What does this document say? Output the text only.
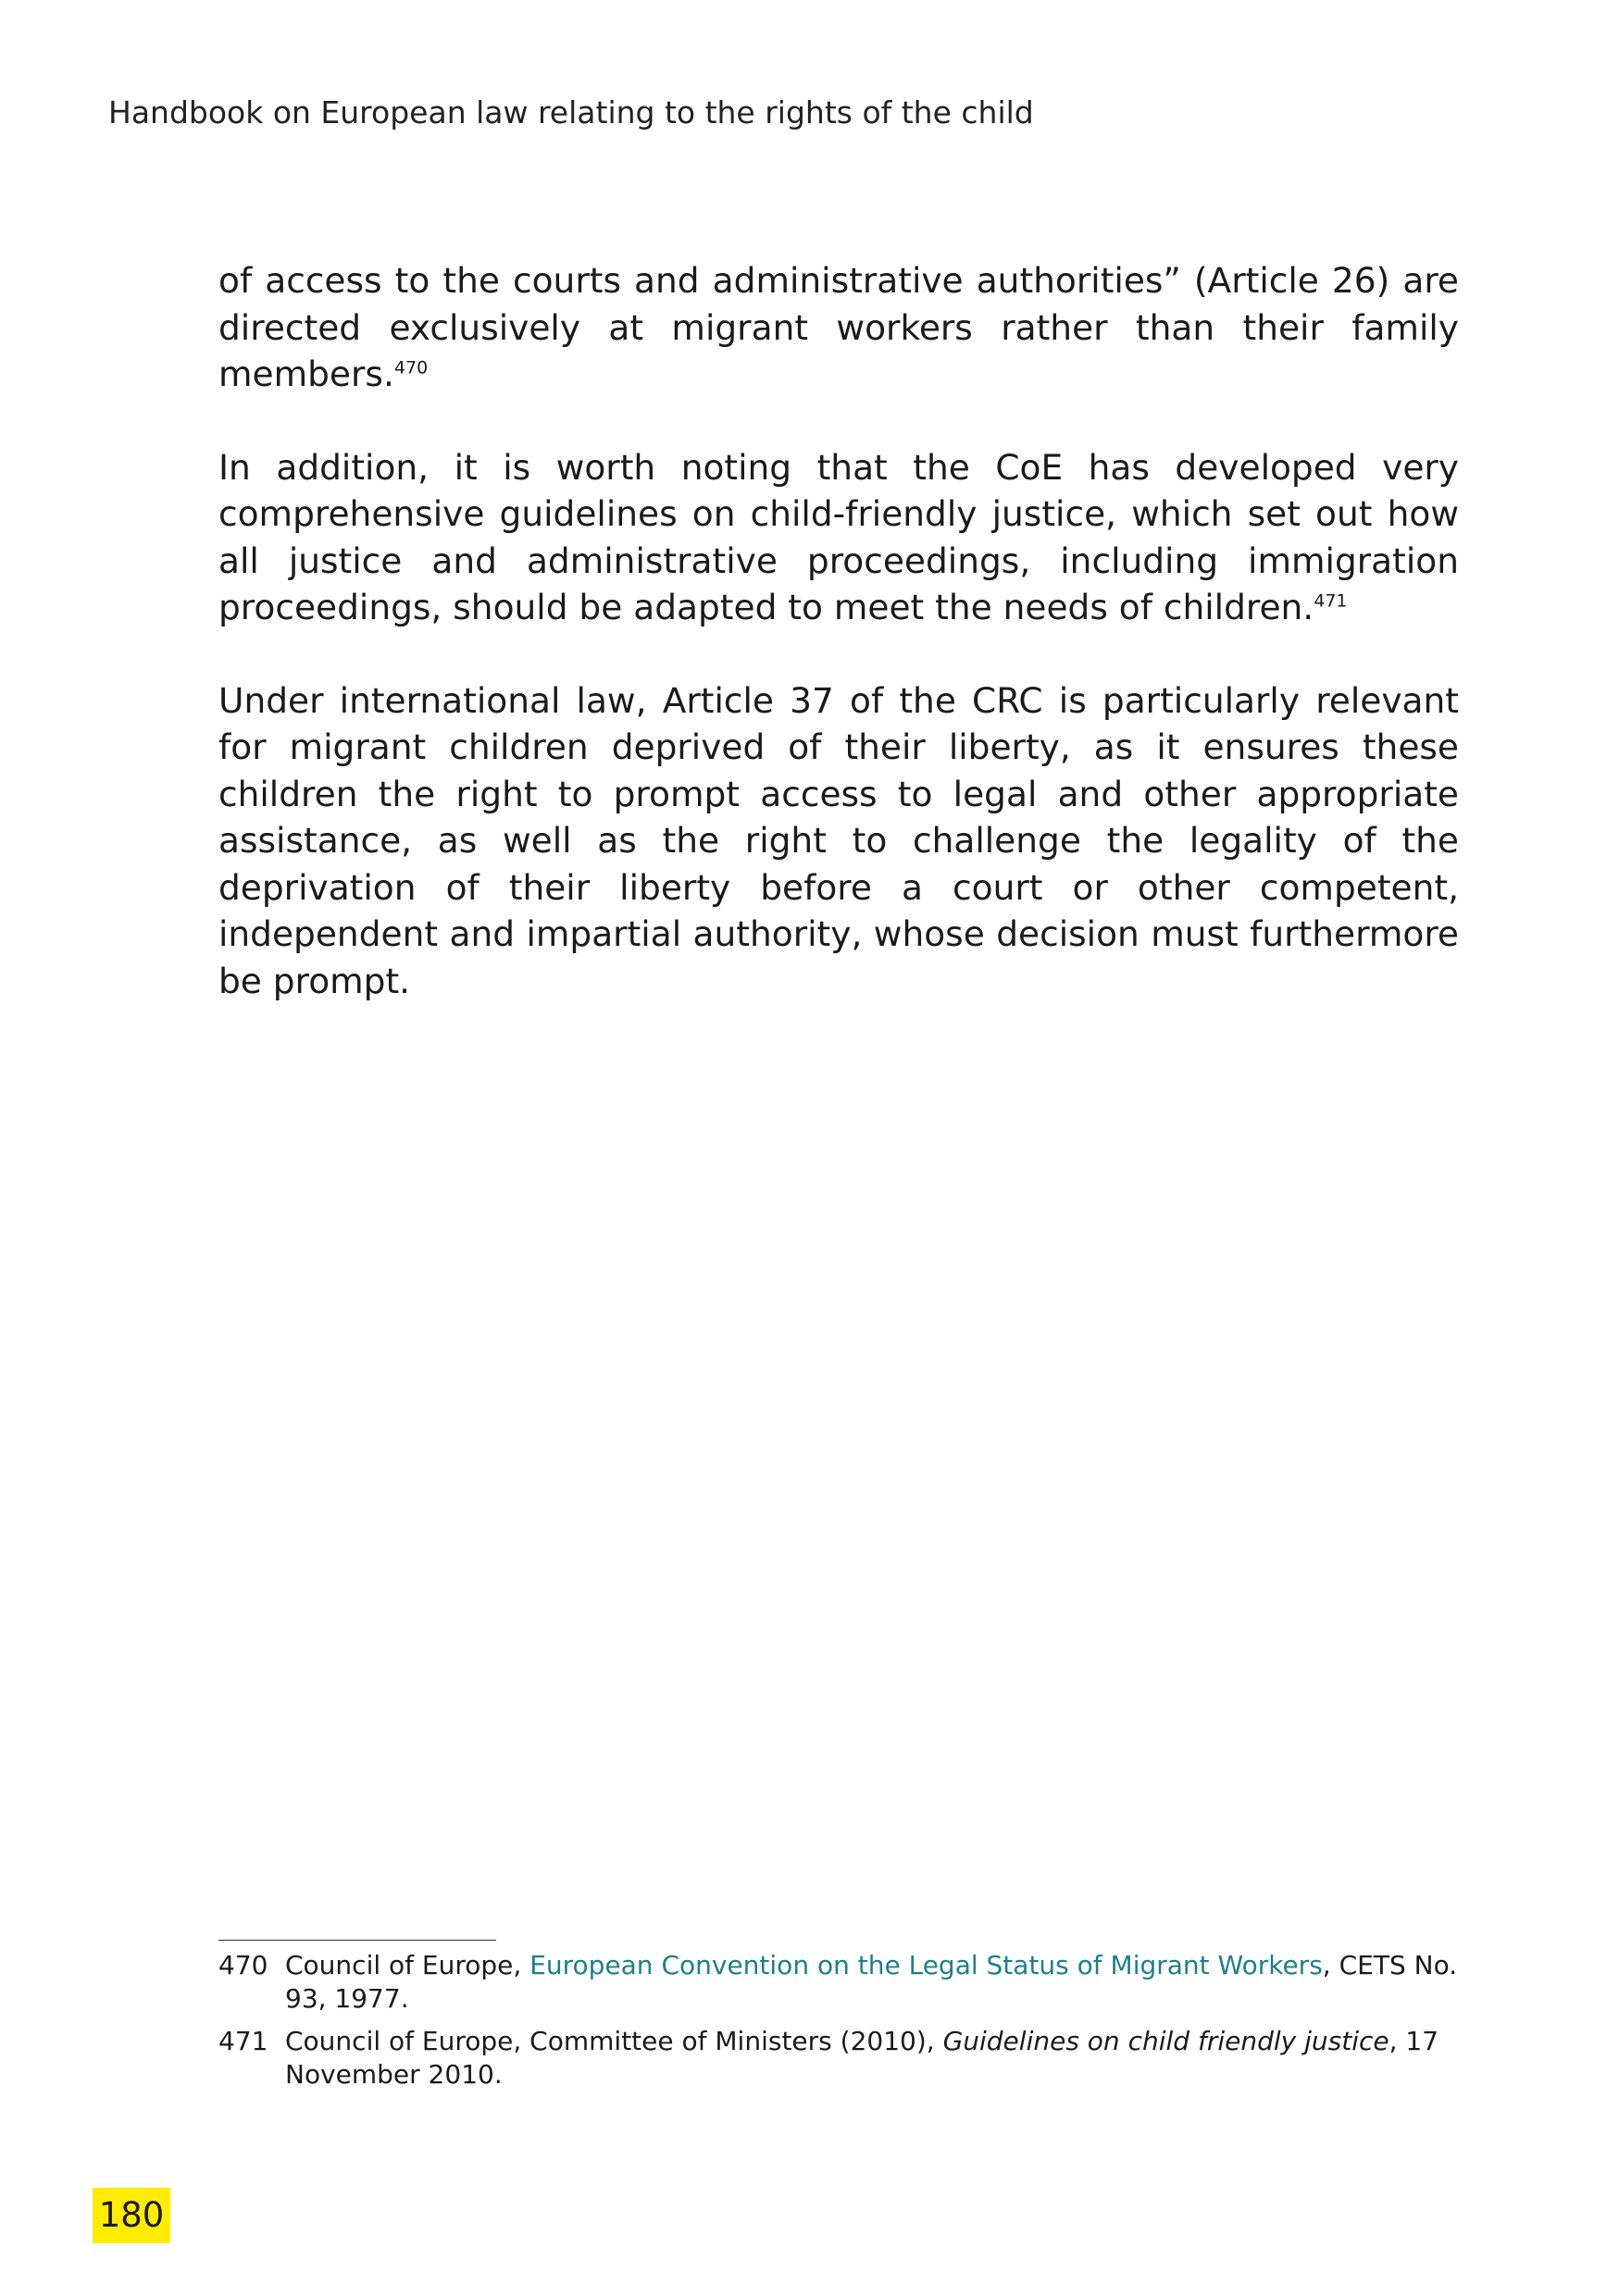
Handbook on European law relating to the rights of the child

of access to the courts and administrative authorities” (Article 26) are directed exclusively at migrant workers rather than their family members.$^{470}$

In addition, it is worth noting that the CoE has developed very comprehensive guidelines on child-friendly justice, which set out how all justice and administrative proceedings, including immigration proceedings, should be adapted to meet the needs of children.$^{471}$

Under international law, Article 37 of the CRC is particularly relevant for migrant children deprived of their liberty, as it ensures these children the right to prompt access to legal and other appropriate assistance, as well as the right to challenge the legality of the deprivation of their liberty before a court or other competent, independent and impartial authority, whose decision must furthermore be prompt.

470 Council of Europe, European Convention on the Legal Status of Migrant Workers, CETS No. 93, 1977.
471 Council of Europe, Committee of Ministers (2010), Guidelines on child friendly justice, 17 November 2010.
180
